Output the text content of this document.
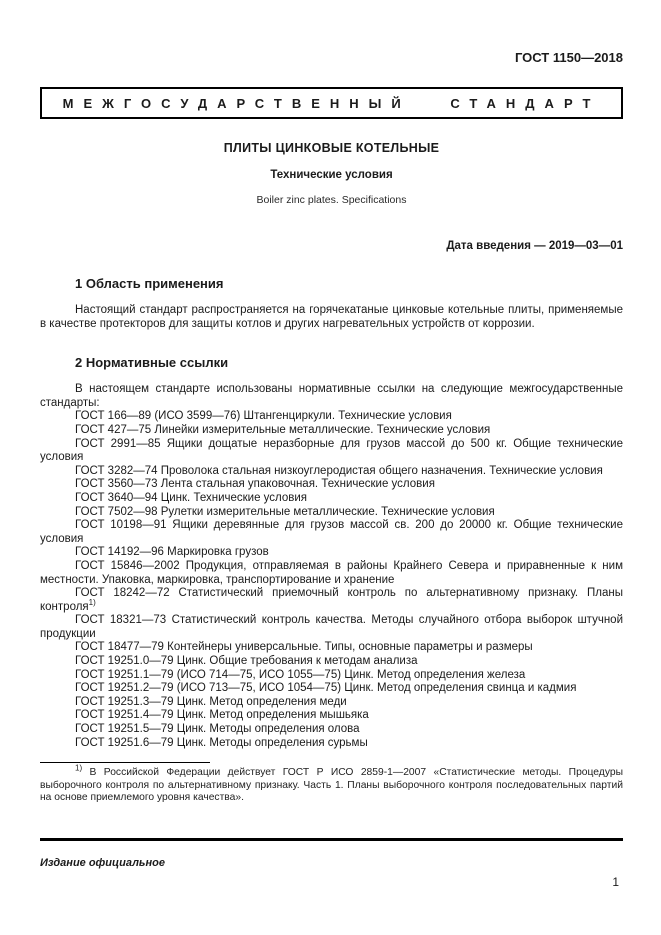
ГОСТ 1150—2018
МЕЖГОСУДАРСТВЕННЫЙ СТАНДАРТ
ПЛИТЫ ЦИНКОВЫЕ КОТЕЛЬНЫЕ
Технические условия
Boiler zinc plates. Specifications
Дата введения — 2019—03—01
1 Область применения

Настоящий стандарт распространяется на горячекатаные цинковые котельные плиты, применяемые в качестве протекторов для защиты котлов и других нагревательных устройств от коррозии.

2 Нормативные ссылки

В настоящем стандарте использованы нормативные ссылки на следующие межгосударственные стандарты:

ГОСТ 166—89 (ИСО 3599—76) Штангенциркули. Технические условия

ГОСТ 427—75 Линейки измерительные металлические. Технические условия

ГОСТ 2991—85 Ящики дощатые неразборные для грузов массой до 500 кг. Общие технические условия

ГОСТ 3282—74 Проволока стальная низкоуглеродистая общего назначения. Технические условия

ГОСТ 3560—73 Лента стальная упаковочная. Технические условия

ГОСТ 3640—94 Цинк. Технические условия

ГОСТ 7502—98 Рулетки измерительные металлические. Технические условия

ГОСТ 10198—91 Ящики деревянные для грузов массой св. 200 до 20000 кг. Общие технические условия

ГОСТ 14192—96 Маркировка грузов

ГОСТ 15846—2002 Продукция, отправляемая в районы Крайнего Севера и приравненные к ним местности. Упаковка, маркировка, транспортирование и хранение

ГОСТ 18242—72 Статистический приемочный контроль по альтернативному признаку. Планы контроля$^{1)}$

ГОСТ 18321—73 Статистический контроль качества. Методы случайного отбора выборок штучной продукции

ГОСТ 18477—79 Контейнеры универсальные. Типы, основные параметры и размеры

ГОСТ 19251.0—79 Цинк. Общие требования к методам анализа

ГОСТ 19251.1—79 (ИСО 714—75, ИСО 1055—75) Цинк. Метод определения железа

ГОСТ 19251.2—79 (ИСО 713—75, ИСО 1054—75) Цинк. Метод определения свинца и кадмия

ГОСТ 19251.3—79 Цинк. Метод определения меди

ГОСТ 19251.4—79 Цинк. Метод определения мышьяка

ГОСТ 19251.5—79 Цинк. Методы определения олова

ГОСТ 19251.6—79 Цинк. Методы определения сурьмы

$^{1)}$ В Российской Федерации действует ГОСТ Р ИСО 2859-1—2007 «Статистические методы. Процедуры выборочного контроля по альтернативному признаку. Часть 1. Планы выборочного контроля последовательных партий на основе приемлемого уровня качества».

Издание официальное
1
